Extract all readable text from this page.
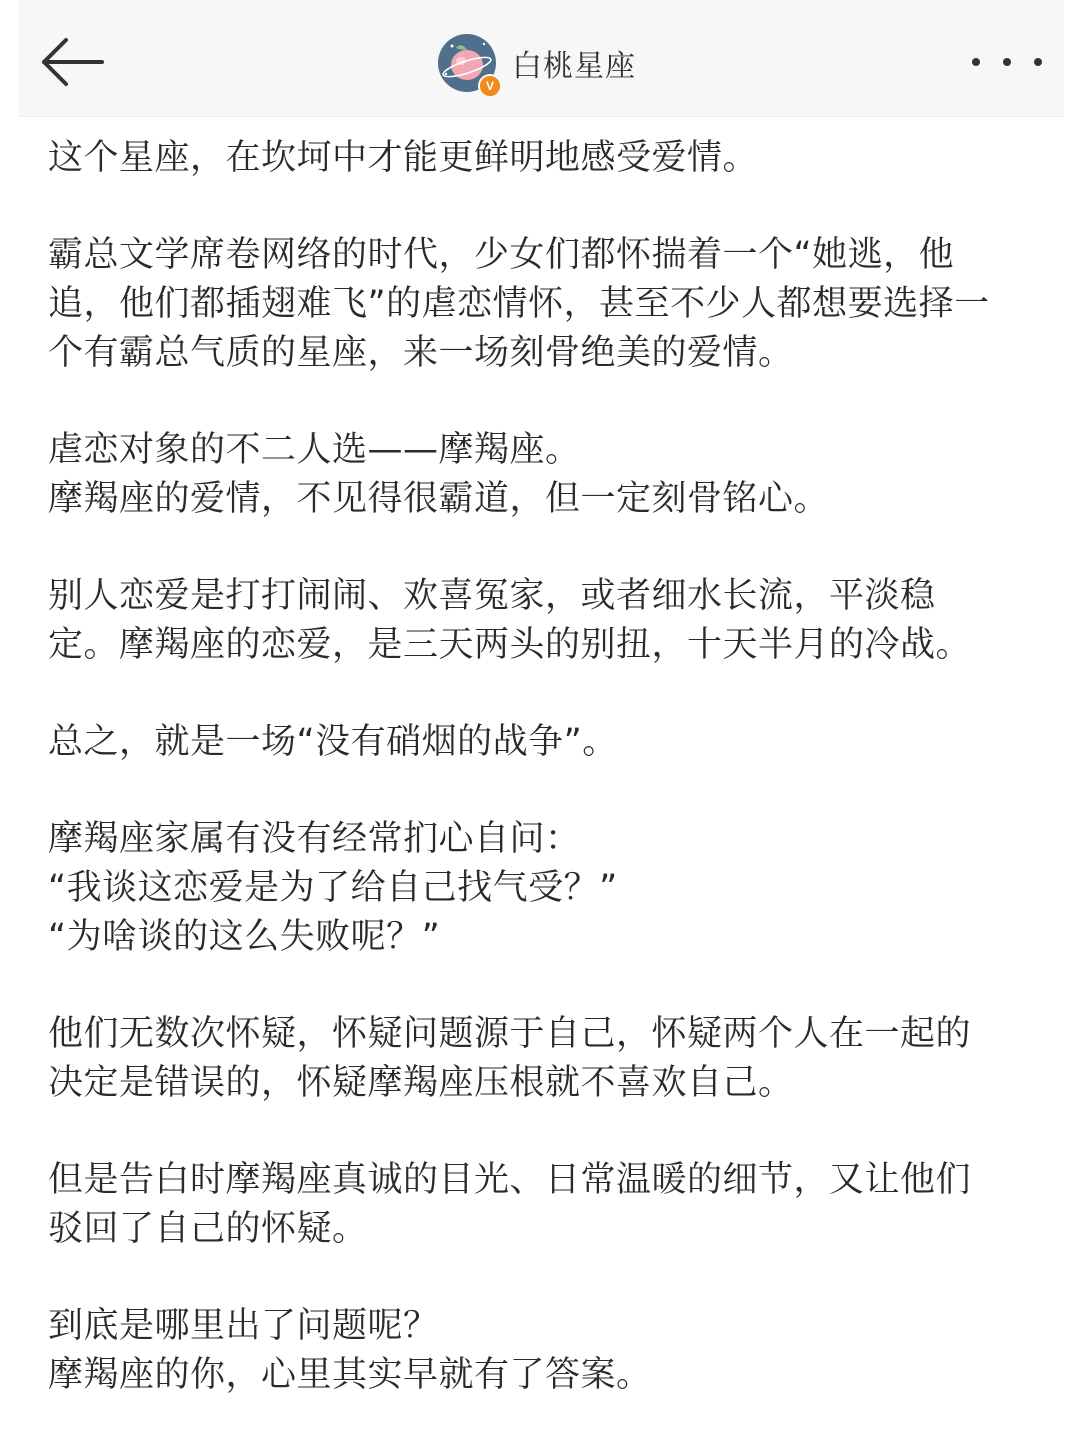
V
白桃星座
这个星座，在坎坷中才能更鲜明地感受爱情。
霸总文学席卷网络的时代，少女们都怀揣着一个“她逃，他
追，他们都插翅难飞”的虐恋情怀，甚至不少人都想要选择一
个有霸总气质的星座，来一场刻骨绝美的爱情。
虐恋对象的不二人选——摩羯座。
摩羯座的爱情，不见得很霸道，但一定刻骨铭心。
别人恋爱是打打闹闹、欢喜冤家，或者细水长流，平淡稳
定。摩羯座的恋爱，是三天两头的别扭，十天半月的冷战。
总之，就是一场“没有硝烟的战争”。
摩羯座家属有没有经常扪心自问：
“我谈这恋爱是为了给自己找气受？”
“为啥谈的这么失败呢？”
他们无数次怀疑，怀疑问题源于自己，怀疑两个人在一起的
决定是错误的，怀疑摩羯座压根就不喜欢自己。
但是告白时摩羯座真诚的目光、日常温暖的细节，又让他们
驳回了自己的怀疑。
到底是哪里出了问题呢？
摩羯座的你，心里其实早就有了答案。
